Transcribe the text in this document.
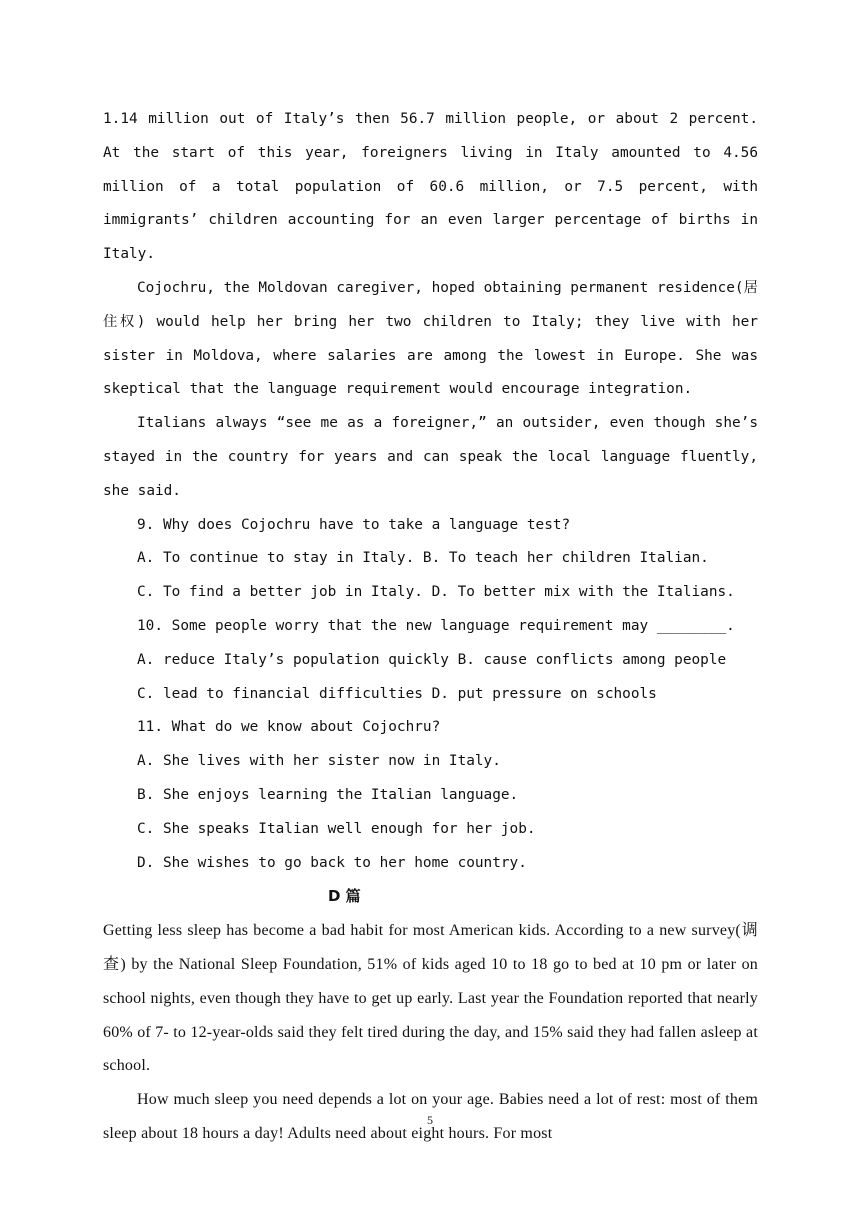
1.14 million out of Italy’s then 56.7 million people, or about 2 percent. At the start of this year, foreigners living in Italy amounted to 4.56 million of a total population of 60.6 million, or 7.5 percent, with immigrants’ children accounting for an even larger percentage of births in Italy.

Cojochru, the Moldovan caregiver, hoped obtaining permanent residence(居住权) would help her bring her two children to Italy; they live with her sister in Moldova, where salaries are among the lowest in Europe. She was skeptical that the language requirement would encourage integration.

Italians always “see me as a foreigner,” an outsider, even though she’s stayed in the country for years and can speak the local language fluently, she said.

9. Why does Cojochru have to take a language test?

A. To continue to stay in Italy. B. To teach her children Italian.

C. To find a better job in Italy. D. To better mix with the Italians.

10. Some people worry that the new language requirement may ________.

A. reduce Italy’s population quickly B. cause conflicts among people

C. lead to financial difficulties D. put pressure on schools

11. What do we know about Cojochru?

A. She lives with her sister now in Italy.

B. She enjoys learning the Italian language.

C. She speaks Italian well enough for her job.

D. She wishes to go back to her home country.

D 篇

Getting less sleep has become a bad habit for most American kids. According to a new survey(调查) by the National Sleep Foundation, 51% of kids aged 10 to 18 go to bed at 10 pm or later on school nights, even though they have to get up early. Last year the Foundation reported that nearly 60% of 7- to 12-year-olds said they felt tired during the day, and 15% said they had fallen asleep at school.

How much sleep you need depends a lot on your age. Babies need a lot of rest: most of them sleep about 18 hours a day! Adults need about eight hours. For most

5
